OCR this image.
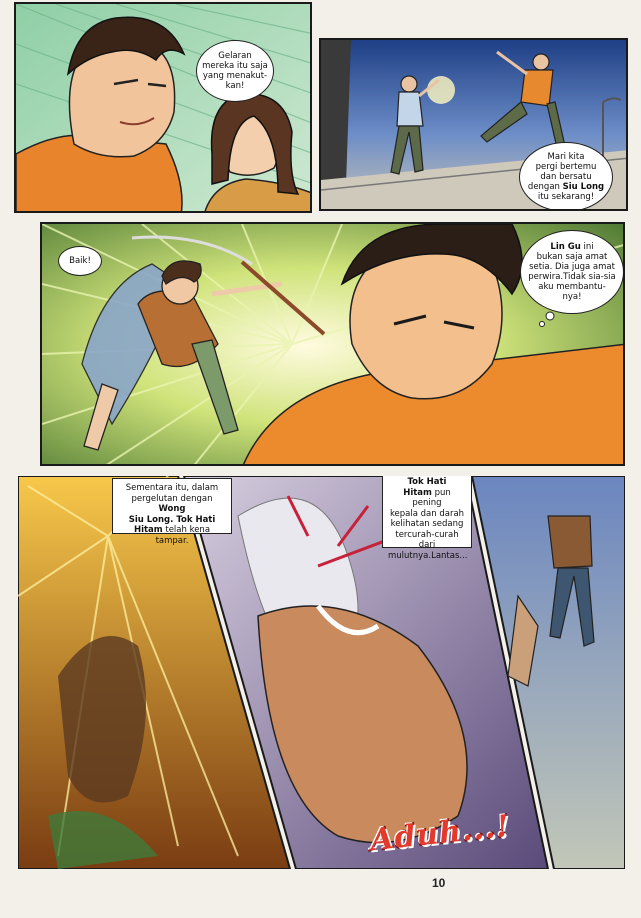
Gelaran
mereka itu saja
yang menakut-
kan!
Mari kita
pergi bertemu
dan bersatu
dengan Siu Long
itu sekarang!
Baik!
Lin Gu ini
bukan saja amat
setia. Dia juga amat
perwira.Tidak sia-sia
aku membantu-
nya!
Sementara itu, dalam
pergelutan dengan Wong
Siu Long. Tok Hati
Hitam telah kena tampar.
Tok Hati
Hitam pun pening
kepala dan darah
kelihatan sedang
tercurah-curah dari
mulutnya.Lantas...
Aduh...!
10
